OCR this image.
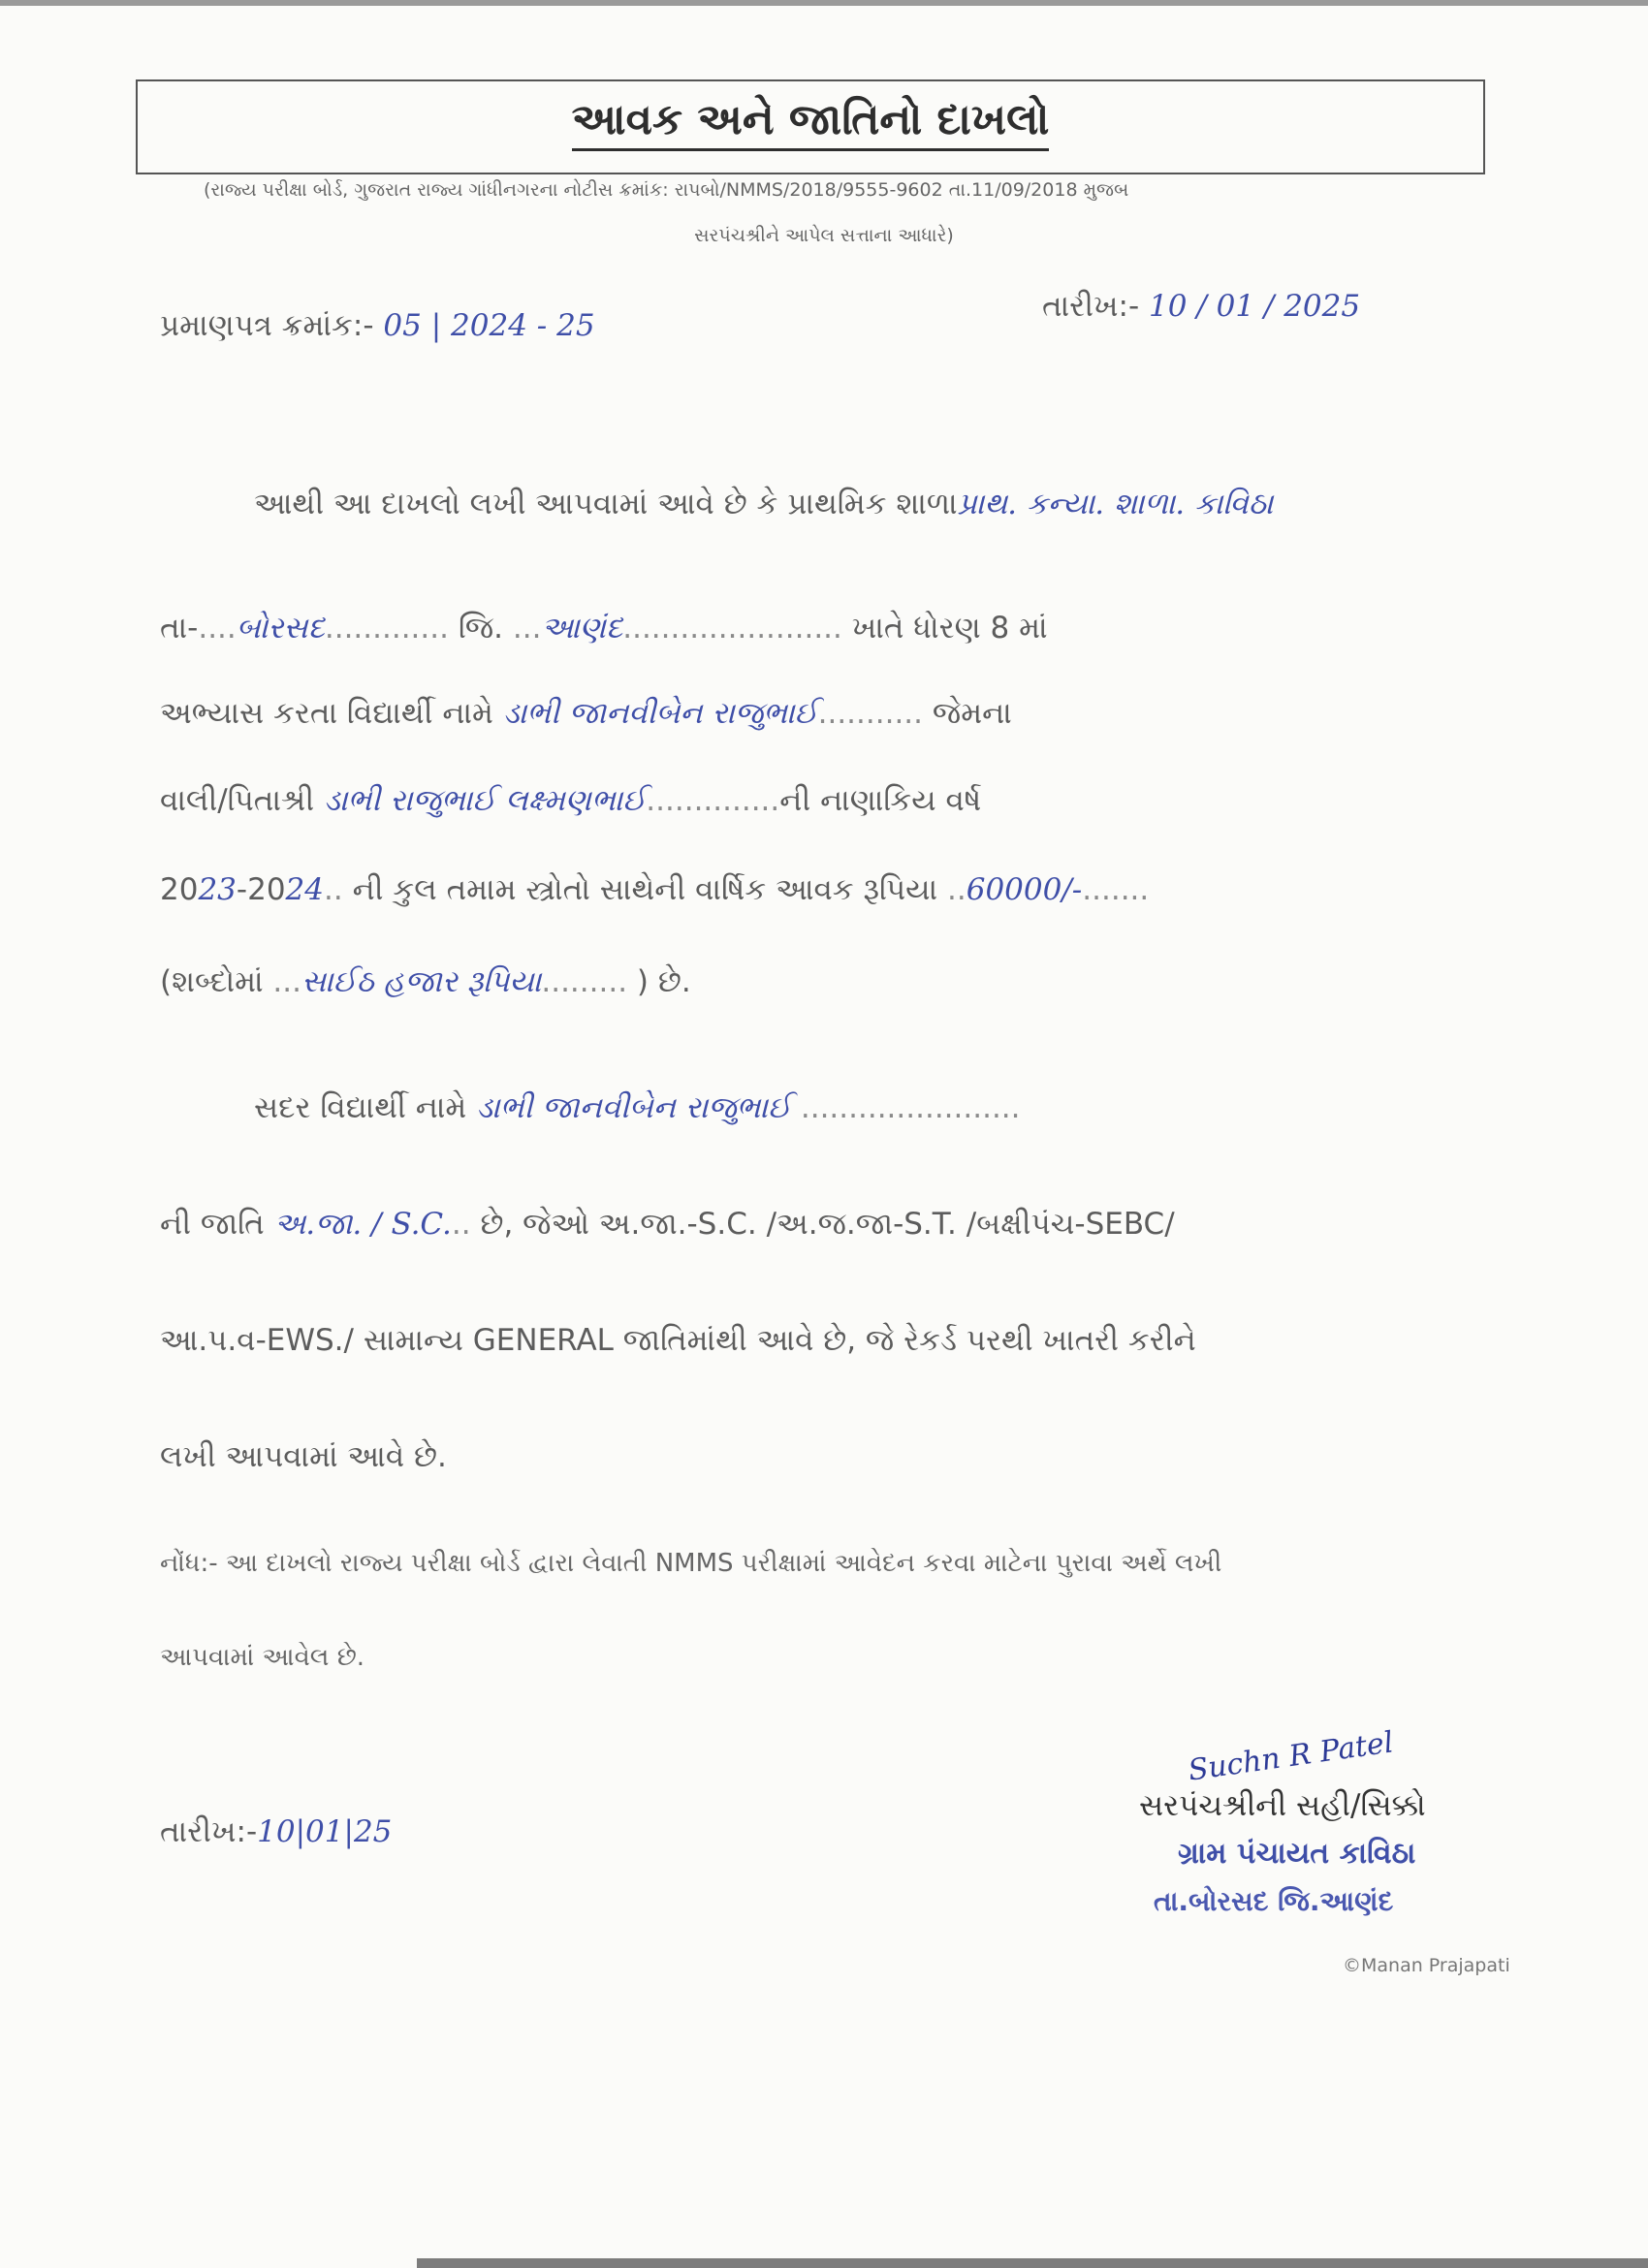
આવક અને જાતિનો દાખલો
(રાજ્ય પરીક્ષા બોર્ડ, ગુજરાત રાજ્ય ગાંધીનગરના નોટીસ ક્રમાંક: રાપબો/NMMS/2018/9555-9602 તા.11/09/2018 મુજબ
સરપંચશ્રીને આપેલ સત્તાના આધારે)
પ્રમાણપત્ર ક્રમાંક:- 05 | 2024 - 25
તારીખ:- 10 / 01 / 2025
આથી આ દાખલો લખી આપવામાં આવે છે કે પ્રાથમિક શાળાપ્રાથ. કન્યા. શાળા. કાવિઠા
તા-....બોરસદ............. જિ. ...આણંદ....................... ખાતે ધોરણ 8 માં
અભ્યાસ કરતા વિદ્યાર્થી નામે ડાભી જાનવીબેન રાજુભાઈ........... જેમના
વાલી/પિતાશ્રી ડાભી રાજુભાઈ લક્ષ્મણભાઈ..............ની નાણાકિય વર્ષ
2023-2024.. ની કુલ તમામ સ્ત્રોતો સાથેની વાર્ષિક આવક રૂપિયા ..60000/-.......
(શબ્દોમાં ...સાઈઠ હજાર રૂપિયા......... ) છે.
સદર વિદ્યાર્થી નામે ડાભી જાનવીબેન રાજુભાઈ .......................
ની જાતિ અ.જા. / S.C... છે, જેઓ અ.જા.-S.C. /અ.જ.જા-S.T. /બક્ષીપંચ-SEBC/
આ.પ.વ-EWS./ સામાન્ય GENERAL જાતિમાંથી આવે છે, જે રેકર્ડ પરથી ખાતરી કરીને
લખી આપવામાં આવે છે.
નોંધ:- આ દાખલો રાજ્ય પરીક્ષા બોર્ડ દ્વારા લેવાતી NMMS પરીક્ષામાં આવેદન કરવા માટેના પુરાવા અર્થે લખી
આપવામાં આવેલ છે.
તારીખ:-10|01|25
Suchn R Patel
સરપંચશ્રીની સહી/સિક્કો
ગ્રામ પંચાયત કાવિઠા
તા.બોરસદ જિ.આણંદ
©Manan Prajapati
